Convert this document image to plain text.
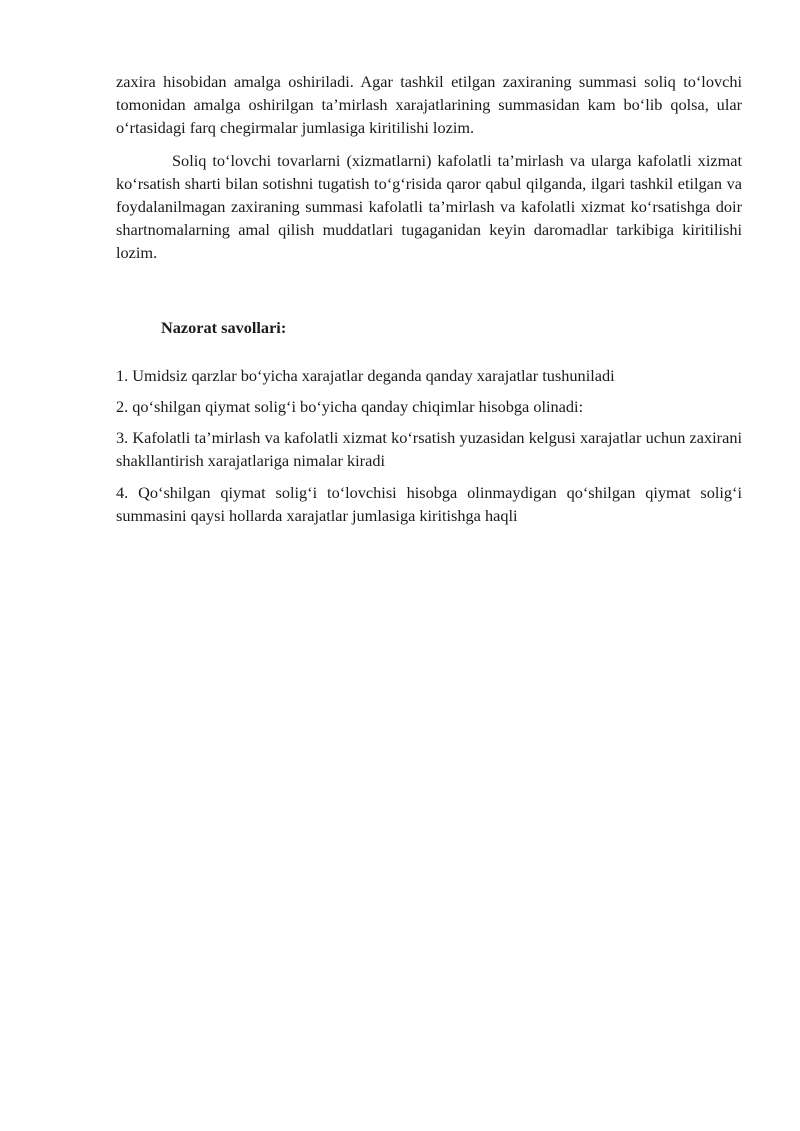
zaxira hisobidan amalga oshiriladi. Agar tashkil etilgan zaxiraning summasi soliq to‘lovchi tomonidan amalga oshirilgan ta’mirlash xarajatlarining summasidan kam bo‘lib qolsa, ular o‘rtasidagi farq chegirmalar jumlasiga kiritilishi lozim.

Soliq to‘lovchi tovarlarni (xizmatlarni) kafolatli ta’mirlash va ularga kafolatli xizmat ko‘rsatish sharti bilan sotishni tugatish to‘g‘risida qaror qabul qilganda, ilgari tashkil etilgan va foydalanilmagan zaxiraning summasi kafolatli ta’mirlash va kafolatli xizmat ko‘rsatishga doir shartnomalarning amal qilish muddatlari tugaganidan keyin daromadlar tarkibiga kiritilishi lozim.

Nazorat savollari:

1. Umidsiz qarzlar bo‘yicha xarajatlar deganda qanday xarajatlar tushuniladi

2. qo‘shilgan qiymat solig‘i bo‘yicha qanday chiqimlar hisobga olinadi:

3. Kafolatli ta’mirlash va kafolatli xizmat ko‘rsatish yuzasidan kelgusi xarajatlar uchun zaxirani shakllantirish xarajatlariga nimalar kiradi

4. Qo‘shilgan qiymat solig‘i to‘lovchisi hisobga olinmaydigan qo‘shilgan qiymat solig‘i summasini qaysi hollarda xarajatlar jumlasiga kiritishga haqli
